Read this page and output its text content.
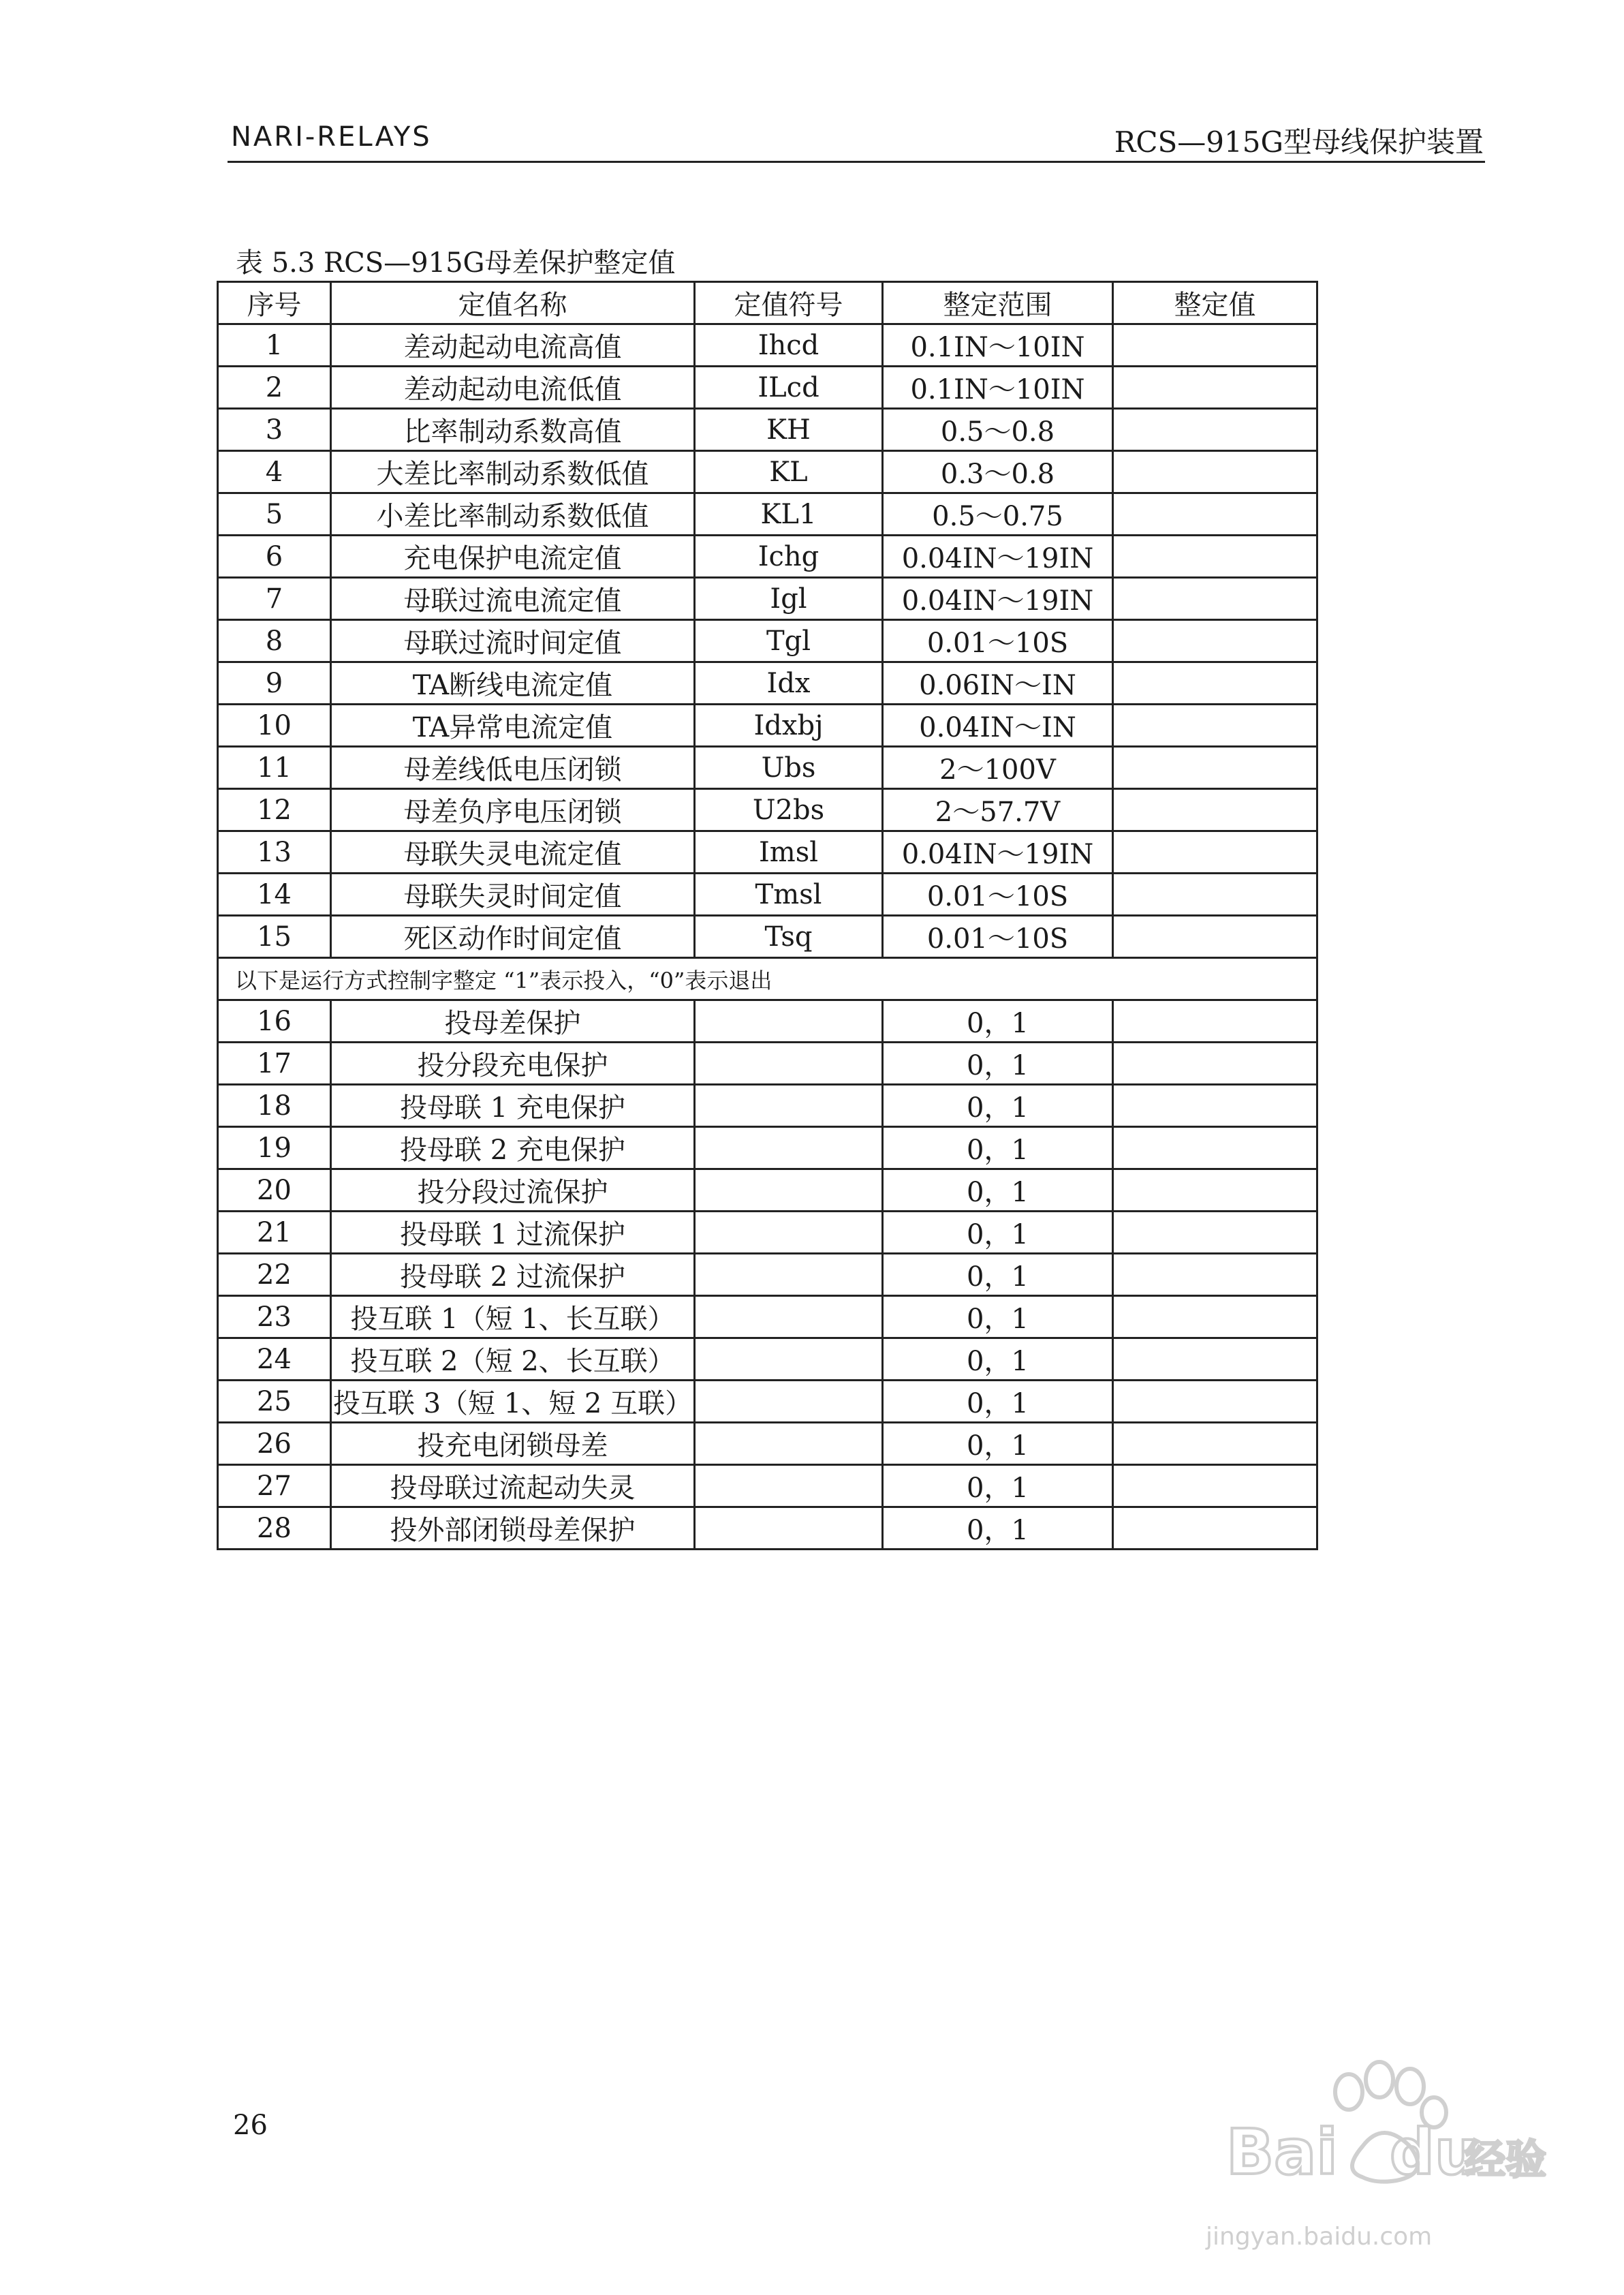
NARI-RELAYS	RCS—915G型母线保护装置
表 5.3 RCS—915G母差保护整定值
序号	定值名称	定值符号	整定范围	整定值
1	差动起动电流高值	Ihcd	0.1IN～10IN	
2	差动起动电流低值	ILcd	0.1IN～10IN	
3	比率制动系数高值	KH	0.5～0.8	
4	大差比率制动系数低值	KL	0.3～0.8	
5	小差比率制动系数低值	KL1	0.5～0.75	
6	充电保护电流定值	Ichg	0.04IN～19IN	
7	母联过流电流定值	Igl	0.04IN～19IN	
8	母联过流时间定值	Tgl	0.01～10S	
9	TA断线电流定值	Idx	0.06IN～IN	
10	TA异常电流定值	Idxbj	0.04IN～IN	
11	母差线低电压闭锁	Ubs	2～100V	
12	母差负序电压闭锁	U2bs	2～57.7V	
13	母联失灵电流定值	Imsl	0.04IN～19IN	
14	母联失灵时间定值	Tmsl	0.01～10S	
15	死区动作时间定值	Tsq	0.01～10S	
以下是运行方式控制字整定 “1”表示投入，“0”表示退出				
16	投母差保护		0，1	
17	投分段充电保护		0，1	
18	投母联 1 充电保护		0，1	
19	投母联 2 充电保护		0，1	
20	投分段过流保护		0，1	
21	投母联 1 过流保护		0，1	
22	投母联 2 过流保护		0，1	
23	投互联 1（短 1、长互联）		0，1	
24	投互联 2（短 2、长互联）		0，1	
25	投互联 3（短 1、短 2 互联）		0，1	
26	投充电闭锁母差		0，1	
27	投母联过流起动失灵		0，1	
28	投外部闭锁母差保护		0，1	
26	Bai du
经验
jingyan.baidu.com
